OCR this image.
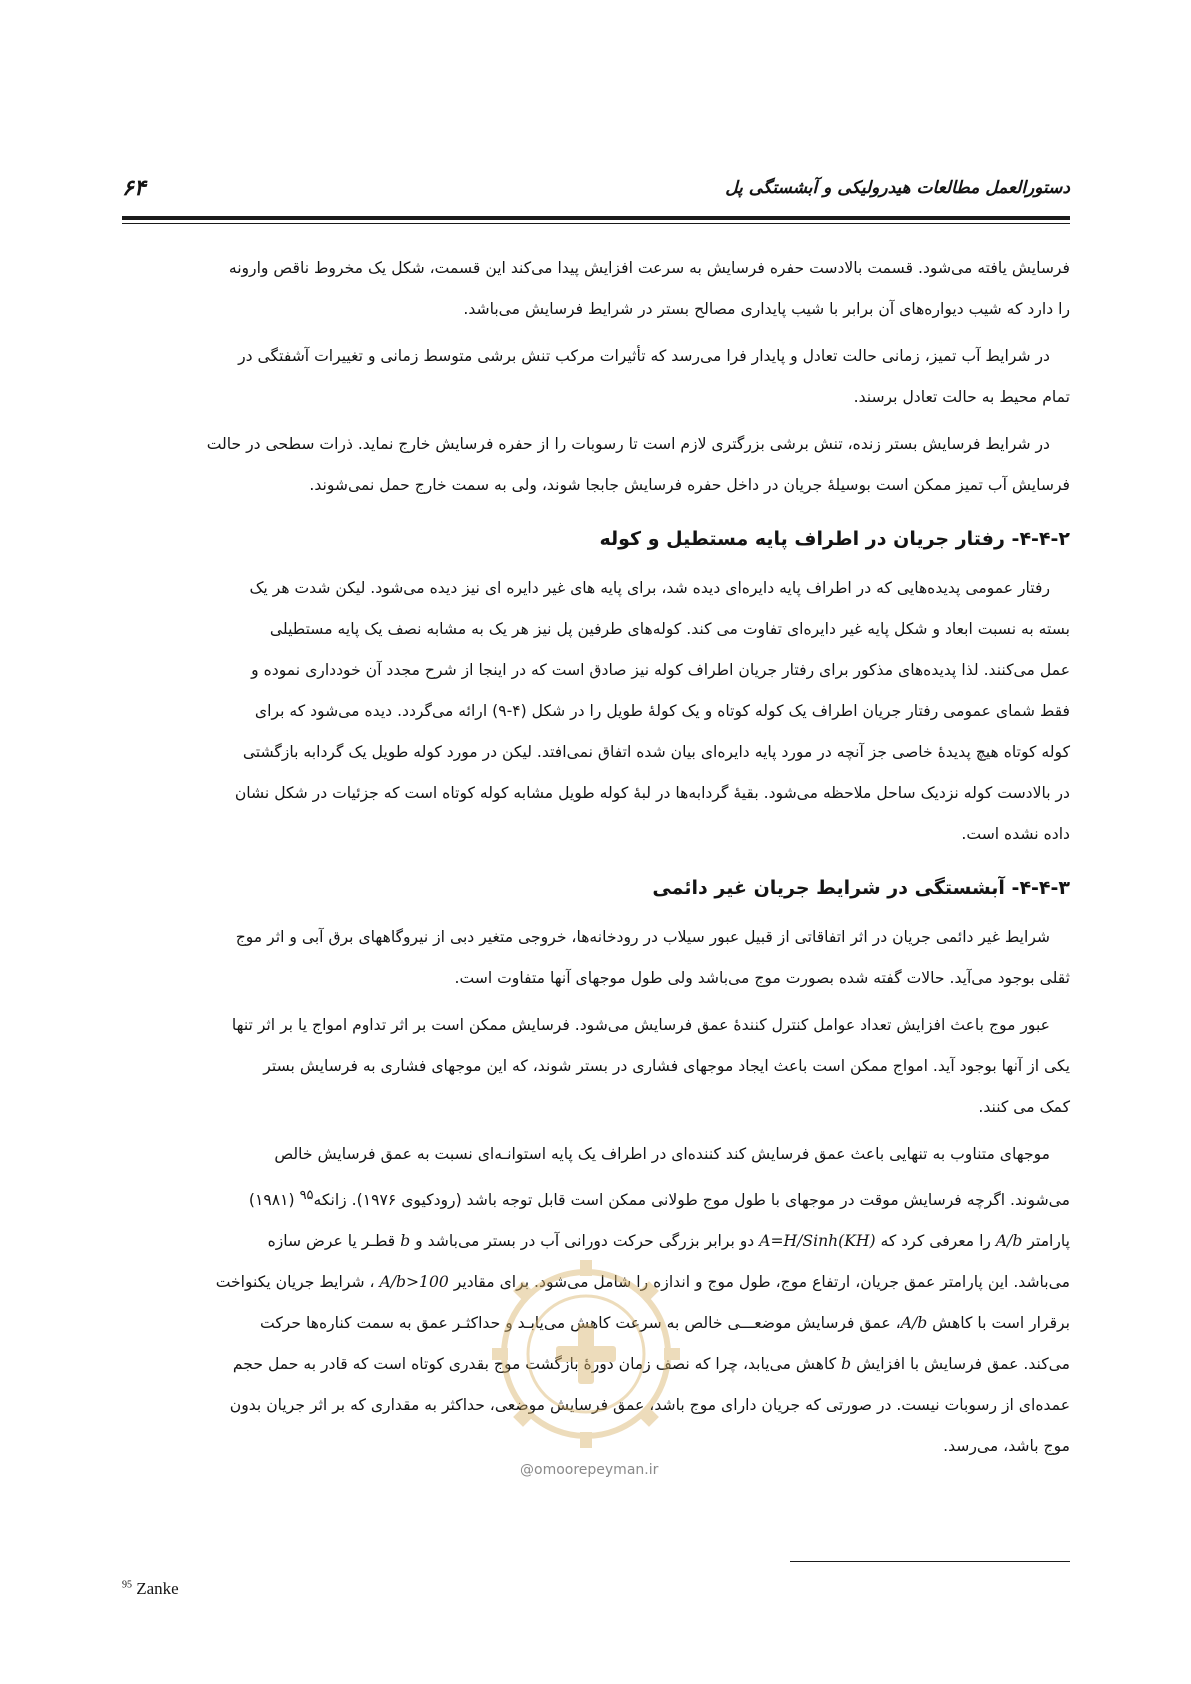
دستورالعمل مطالعات هیدرولیکی و آبشستگی پل
۶۴

فرسایش یافته می‌شود. قسمت بالادست حفره فرسایش به سرعت افزایش پیدا می‌کند این قسمت، شکل یک مخروط ناقص وارونه

را دارد که شیب دیواره‌های آن برابر با شیب پایداری مصالح بستر در شرایط فرسایش می‌باشد.

در شرایط آب تمیز، زمانی حالت تعادل و پایدار فرا می‌رسد که تأثیرات مرکب تنش برشی متوسط زمانی و تغییرات آشفتگی در

تمام محیط به حالت تعادل برسند.

در شرایط فرسایش بستر زنده، تنش برشی بزرگتری لازم است تا رسوبات را از حفره فرسایش خارج نماید. ذرات سطحی در حالت

فرسایش آب تمیز ممکن است بوسیلهٔ جریان در داخل حفره فرسایش جابجا شوند، ولی به سمت خارج حمل نمی‌شوند.

۴-۴-۲- رفتار جریان در اطراف پایه مستطیل و کوله

رفتار عمومی پدیده‌هایی که در اطراف پایه دایره‌ای دیده شد، برای پایه های غیر دایره ای نیز دیده می‌شود. لیکن شدت هر یک

بسته به نسبت ابعاد و شکل پایه غیر دایره‌ای تفاوت می کند. کوله‌های طرفین پل نیز هر یک به مشابه نصف یک پایه مستطیلی

عمل می‌کنند. لذا پدیده‌های مذکور برای رفتار جریان اطراف کوله نیز صادق است که در اینجا از شرح مجدد آن خودداری نموده و

فقط شمای عمومی رفتار جریان اطراف یک کوله کوتاه و یک کولهٔ طویل را در شکل (۴-۹) ارائه می‌گردد. دیده می‌شود که برای

کوله کوتاه هیچ پدیدهٔ خاصی جز آنچه در مورد پایه دایره‌ای بیان شده اتفاق نمی‌افتد. لیکن در مورد کوله طویل یک گردابه بازگشتی

در بالادست کوله نزدیک ساحل ملاحظه می‌شود. بقیهٔ گردابه‌ها در لبهٔ کوله طویل مشابه کوله کوتاه است که جزئیات در شکل نشان

داده نشده است.

۴-۴-۳- آبشستگی در شرایط جریان غیر دائمی

شرایط غیر دائمی جریان در اثر اتفاقاتی از قبیل عبور سیلاب در رودخانه‌ها، خروجی متغیر دبی از نیروگاههای برق آبی و اثر موج

ثقلی بوجود می‌آید. حالات گفته شده بصورت موج می‌باشد ولی طول موجهای آنها متفاوت است.

عبور موج باعث افزایش تعداد عوامل کنترل کنندهٔ عمق فرسایش می‌شود. فرسایش ممکن است بر اثر تداوم امواج یا بر اثر تنها

یکی از آنها بوجود آید. امواج ممکن است باعث ایجاد موجهای فشاری در بستر شوند، که این موجهای فشاری به فرسایش بستر

کمک می کنند.

موجهای متناوب به تنهایی باعث عمق فرسایش کند کننده‌ای در اطراف یک پایه استوانـه‌ای نسبت به عمق فرسایش خالص

می‌شوند. اگرچه فرسایش موقت در موجهای با طول موج طولانی ممکن است قابل توجه باشد (رودکیوی ۱۹۷۶). زانکه$^{۹۵}$ (۱۹۸۱)

پارامتر A/b را معرفی کرد که A=H/Sinh(KH) دو برابر بزرگی حرکت دورانی آب در بستر می‌باشد و b قطـر یا عرض سازه

می‌باشد. این پارامتر عمق جریان، ارتفاع موج، طول موج و اندازه را شامل می‌شود. برای مقادیر A/b>100 ، شرایط جریان یکنواخت

برقرار است با کاهش A/b، عمق فرسایش موضعـــی خالص به سرعت کاهش می‌یابـد و حداکثـر عمق به سمت کناره‌ها حرکت

می‌کند. عمق فرسایش با افزایش b کاهش می‌یابد، چرا که نصف زمان دورهٔ بازگشت موج بقدری کوتاه است که قادر به حمل حجم

عمده‌ای از رسوبات نیست. در صورتی که جریان دارای موج باشد، عمق فرسایش موضعی، حداکثر به مقداری که بر اثر جریان بدون

موج باشد، می‌رسد.

@omoorepeyman.ir
$^{95}$ Zanke
